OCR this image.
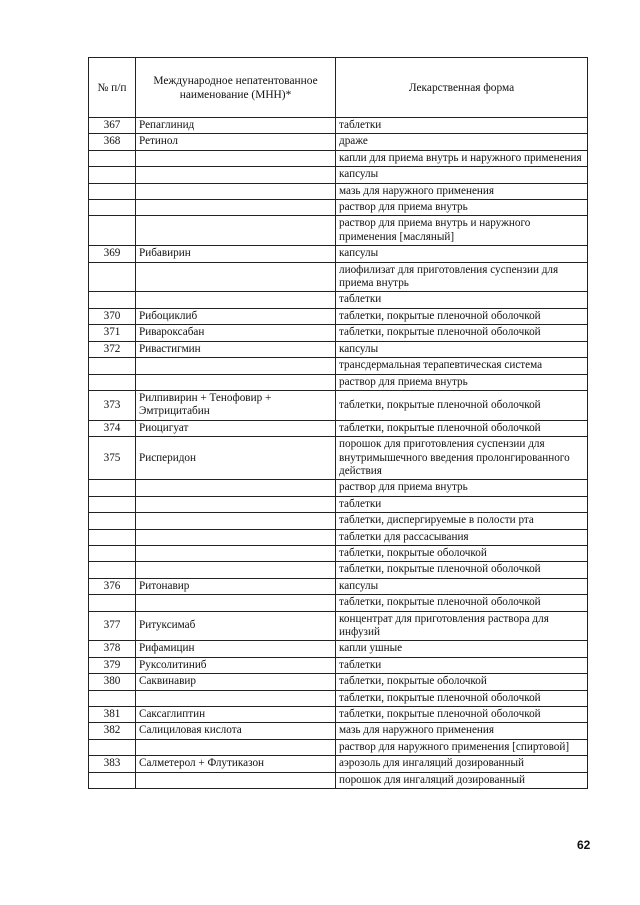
№ п/п	Международное непатентованное наименование (МНН)*	Лекарственная форма
367	Репаглинид	таблетки
368	Ретинол	драже
		капли для приема внутрь и наружного применения
		капсулы
		мазь для наружного применения
		раствор для приема внутрь
		раствор для приема внутрь и наружного применения [масляный]
369	Рибавирин	капсулы
		лиофилизат для приготовления суспензии для приема внутрь
		таблетки
370	Рибоциклиб	таблетки, покрытые пленочной оболочкой
371	Ривароксабан	таблетки, покрытые пленочной оболочкой
372	Ривастигмин	капсулы
		трансдермальная терапевтическая система
		раствор для приема внутрь
373	Рилпивирин + Тенофовир + Эмтрицитабин	таблетки, покрытые пленочной оболочкой
374	Риоцигуат	таблетки, покрытые пленочной оболочкой
375	Рисперидон	порошок для приготовления суспензии для внутримышечного введения пролонгированного действия
		раствор для приема внутрь
		таблетки
		таблетки, диспергируемые в полости рта
		таблетки для рассасывания
		таблетки, покрытые оболочкой
		таблетки, покрытые пленочной оболочкой
376	Ритонавир	капсулы
		таблетки, покрытые пленочной оболочкой
377	Ритуксимаб	концентрат для приготовления раствора для инфузий
378	Рифамицин	капли ушные
379	Руксолитиниб	таблетки
380	Саквинавир	таблетки, покрытые оболочкой
		таблетки, покрытые пленочной оболочкой
381	Саксаглиптин	таблетки, покрытые пленочной оболочкой
382	Салициловая кислота	мазь для наружного применения
		раствор для наружного применения [спиртовой]
383	Салметерол + Флутиказон	аэрозоль для ингаляций дозированный
		порошок для ингаляций дозированный
62
